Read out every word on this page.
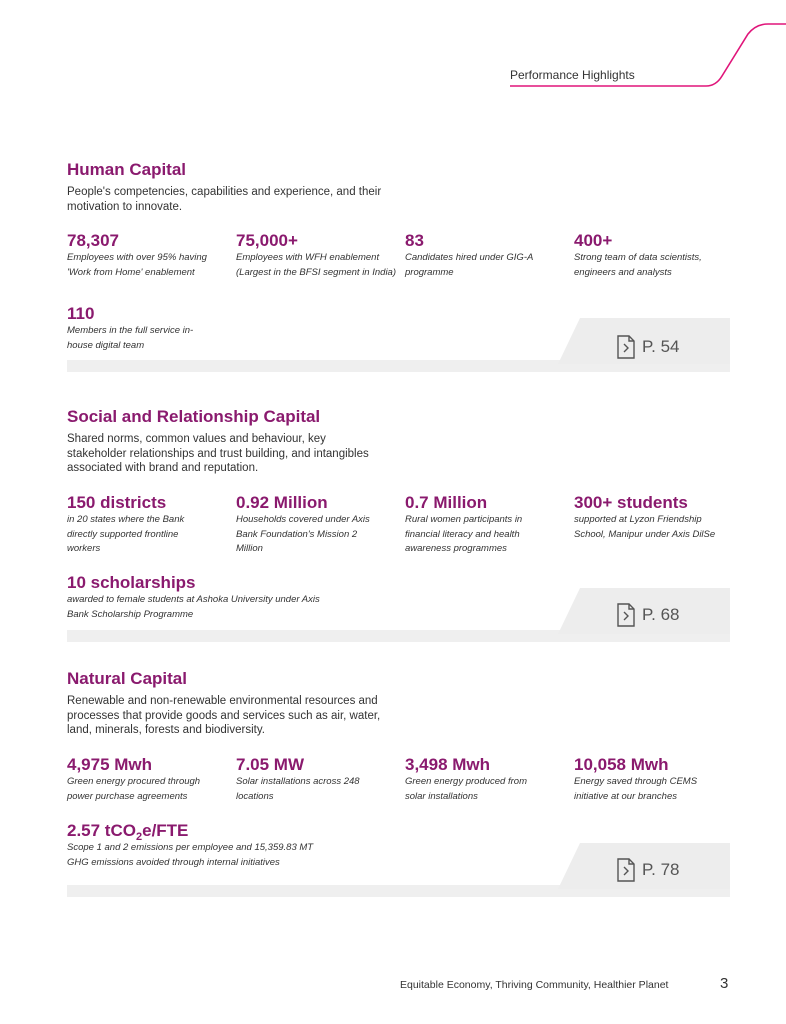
Performance Highlights
Human Capital
People's competencies, capabilities and experience, and their motivation to innovate.
78,307
Employees with over 95% having 'Work from Home' enablement
75,000+
Employees with WFH enablement (Largest in the BFSI segment in India)
83
Candidates hired under GIG-A programme
400+
Strong team of data scientists, engineers and analysts
110
Members in the full service in-house digital team	P. 54
Social and Relationship Capital
Shared norms, common values and behaviour, key stakeholder relationships and trust building, and intangibles associated with brand and reputation.
150 districts
in 20 states where the Bank directly supported frontline workers
0.92 Million
Households covered under Axis Bank Foundation's Mission 2 Million
0.7 Million
Rural women participants in financial literacy and health awareness programmes
300+ students
supported at Lyzon Friendship School, Manipur under Axis DilSe
10 scholarships
awarded to female students at Ashoka University under Axis Bank Scholarship Programme	P. 68
Natural Capital
Renewable and non-renewable environmental resources and processes that provide goods and services such as air, water, land, minerals, forests and biodiversity.
4,975 Mwh
Green energy procured through power purchase agreements
7.05 MW
Solar installations across 248 locations
3,498 Mwh
Green energy produced from solar installations
10,058 Mwh
Energy saved through CEMS initiative at our branches
2.57 tCO$_2$e/FTE
Scope 1 and 2 emissions per employee and 15,359.83 MT GHG emissions avoided through internal initiatives	P. 78
Equitable Economy, Thriving Community, Healthier Planet	3
